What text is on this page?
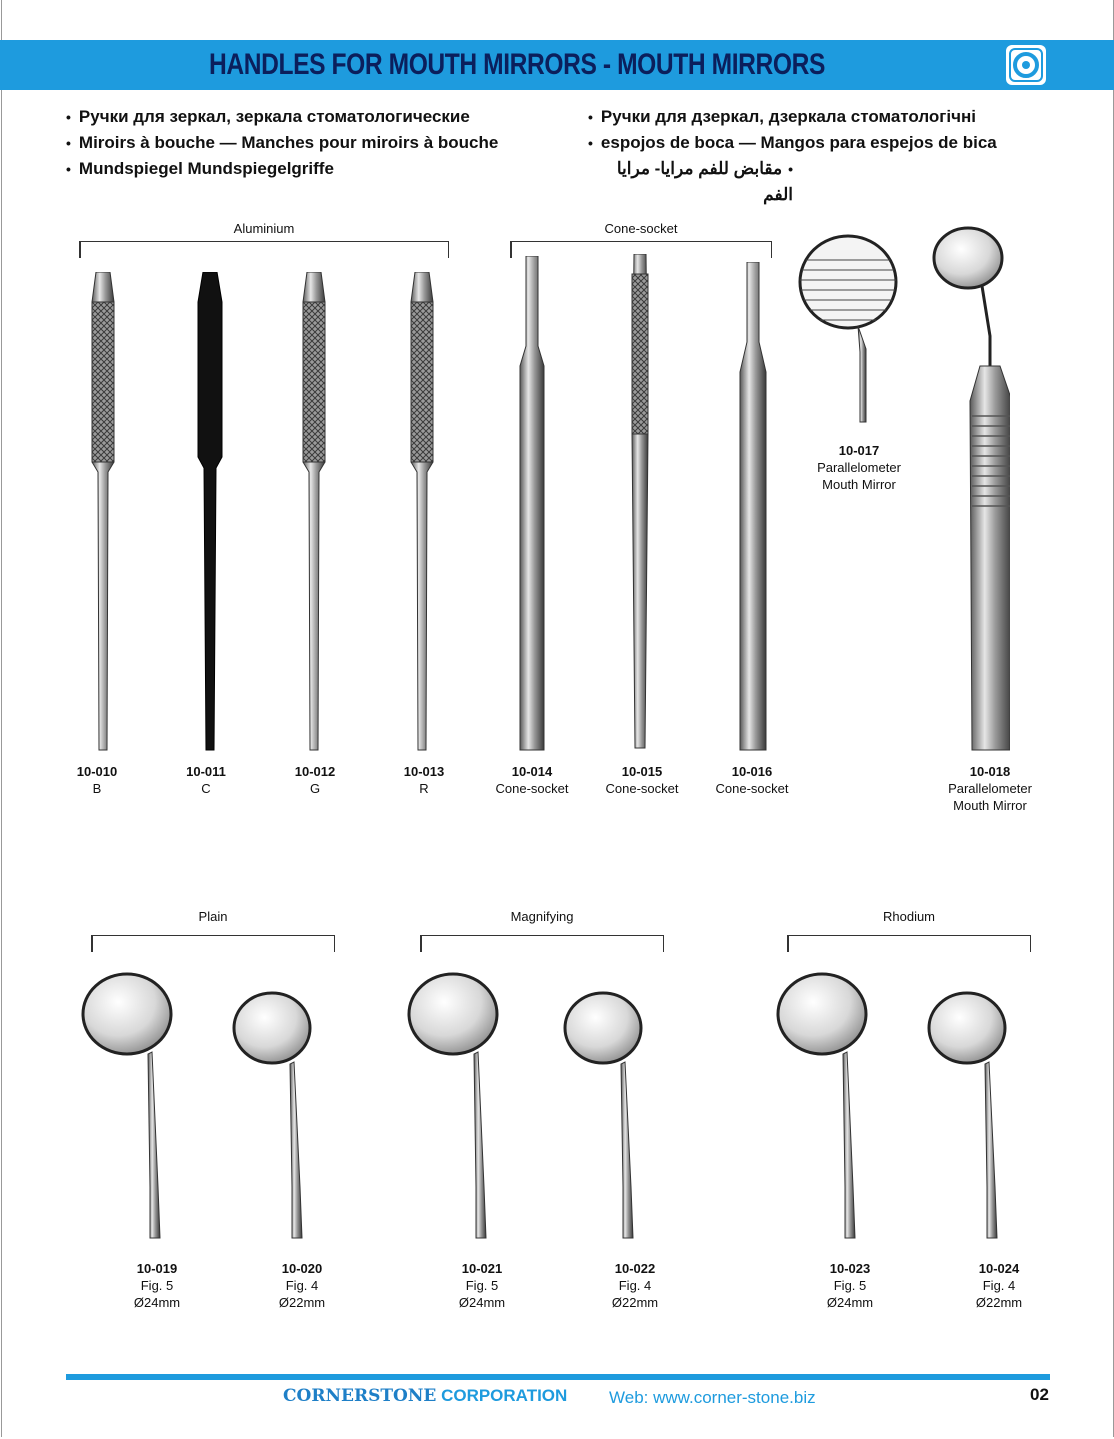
HANDLES FOR MOUTH MIRRORS - MOUTH MIRRORS
• Ручки для зеркал, зеркала стоматологические
• Miroirs à bouche — Manches pour miroirs à bouche
• Mundspiegel Mundspiegelgriffe
• Ручки для дзеркал, дзеркала стоматологічні
• espojos de boca — Mangos para espejos de bica
• مقابض للفم مرايا- مرايا الفم
Aluminium	Cone-socket
10-017
Parallelometer
Mouth Mirror
10-010
B
10-011
C
10-012
G
10-013
R
10-014
Cone-socket
10-015
Cone-socket
10-016
Cone-socket
10-018
Parallelometer
Mouth Mirror
Plain	Magnifying	Rhodium
10-019
Fig. 5
Ø24mm
10-020
Fig. 4
Ø22mm
10-021
Fig. 5
Ø24mm
10-022
Fig. 4
Ø22mm
10-023
Fig. 5
Ø24mm
10-024
Fig. 4
Ø22mm
CORNERSTONE CORPORATION Web: www.corner-stone.biz	02
